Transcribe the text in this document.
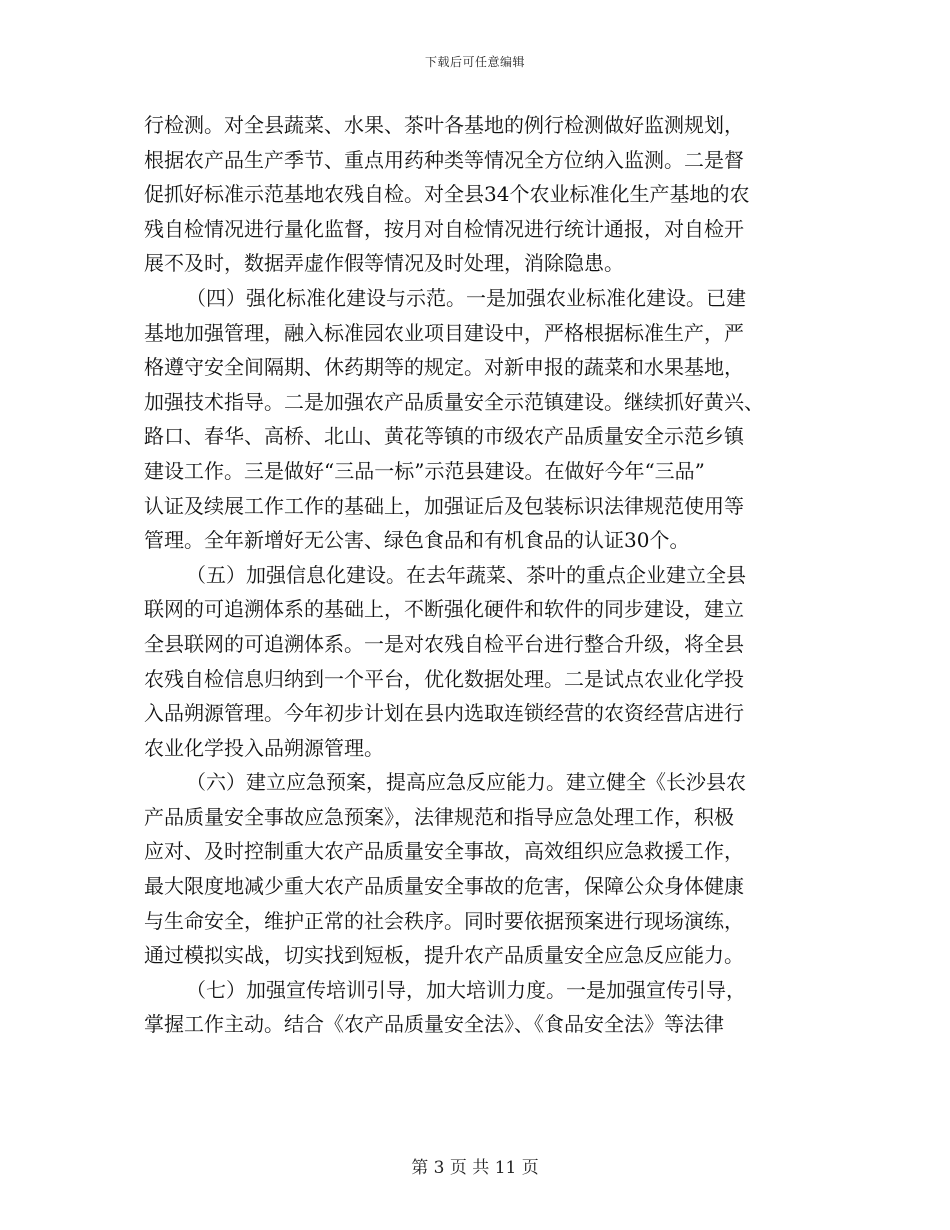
下载后可任意编辑
行检测。对全县蔬菜、水果、茶叶各基地的例行检测做好监测规划，
根据农产品生产季节、重点用药种类等情况全方位纳入监测。二是督
促抓好标准示范基地农残自检。对全县34个农业标准化生产基地的农
残自检情况进行量化监督，按月对自检情况进行统计通报，对自检开
展不及时，数据弄虚作假等情况及时处理，消除隐患。
（四）强化标准化建设与示范。一是加强农业标准化建设。已建
基地加强管理，融入标准园农业项目建设中，严格根据标准生产，严
格遵守安全间隔期、休药期等的规定。对新申报的蔬菜和水果基地，
加强技术指导。二是加强农产品质量安全示范镇建设。继续抓好黄兴、
路口、春华、高桥、北山、黄花等镇的市级农产品质量安全示范乡镇
建设工作。三是做好“三品一标”示范县建设。在做好今年“三品”
认证及续展工作工作的基础上，加强证后及包装标识法律规范使用等
管理。全年新增好无公害、绿色食品和有机食品的认证30个。
（五）加强信息化建设。在去年蔬菜、茶叶的重点企业建立全县
联网的可追溯体系的基础上，不断强化硬件和软件的同步建设，建立
全县联网的可追溯体系。一是对农残自检平台进行整合升级，将全县
农残自检信息归纳到一个平台，优化数据处理。二是试点农业化学投
入品朔源管理。今年初步计划在县内选取连锁经营的农资经营店进行
农业化学投入品朔源管理。
（六）建立应急预案，提高应急反应能力。建立健全《长沙县农
产品质量安全事故应急预案》，法律规范和指导应急处理工作，积极
应对、及时控制重大农产品质量安全事故，高效组织应急救援工作，
最大限度地减少重大农产品质量安全事故的危害，保障公众身体健康
与生命安全，维护正常的社会秩序。同时要依据预案进行现场演练，
通过模拟实战，切实找到短板，提升农产品质量安全应急反应能力。
（七）加强宣传培训引导，加大培训力度。一是加强宣传引导，
掌握工作主动。结合《农产品质量安全法》、《食品安全法》等法律
第 3 页 共 11 页
